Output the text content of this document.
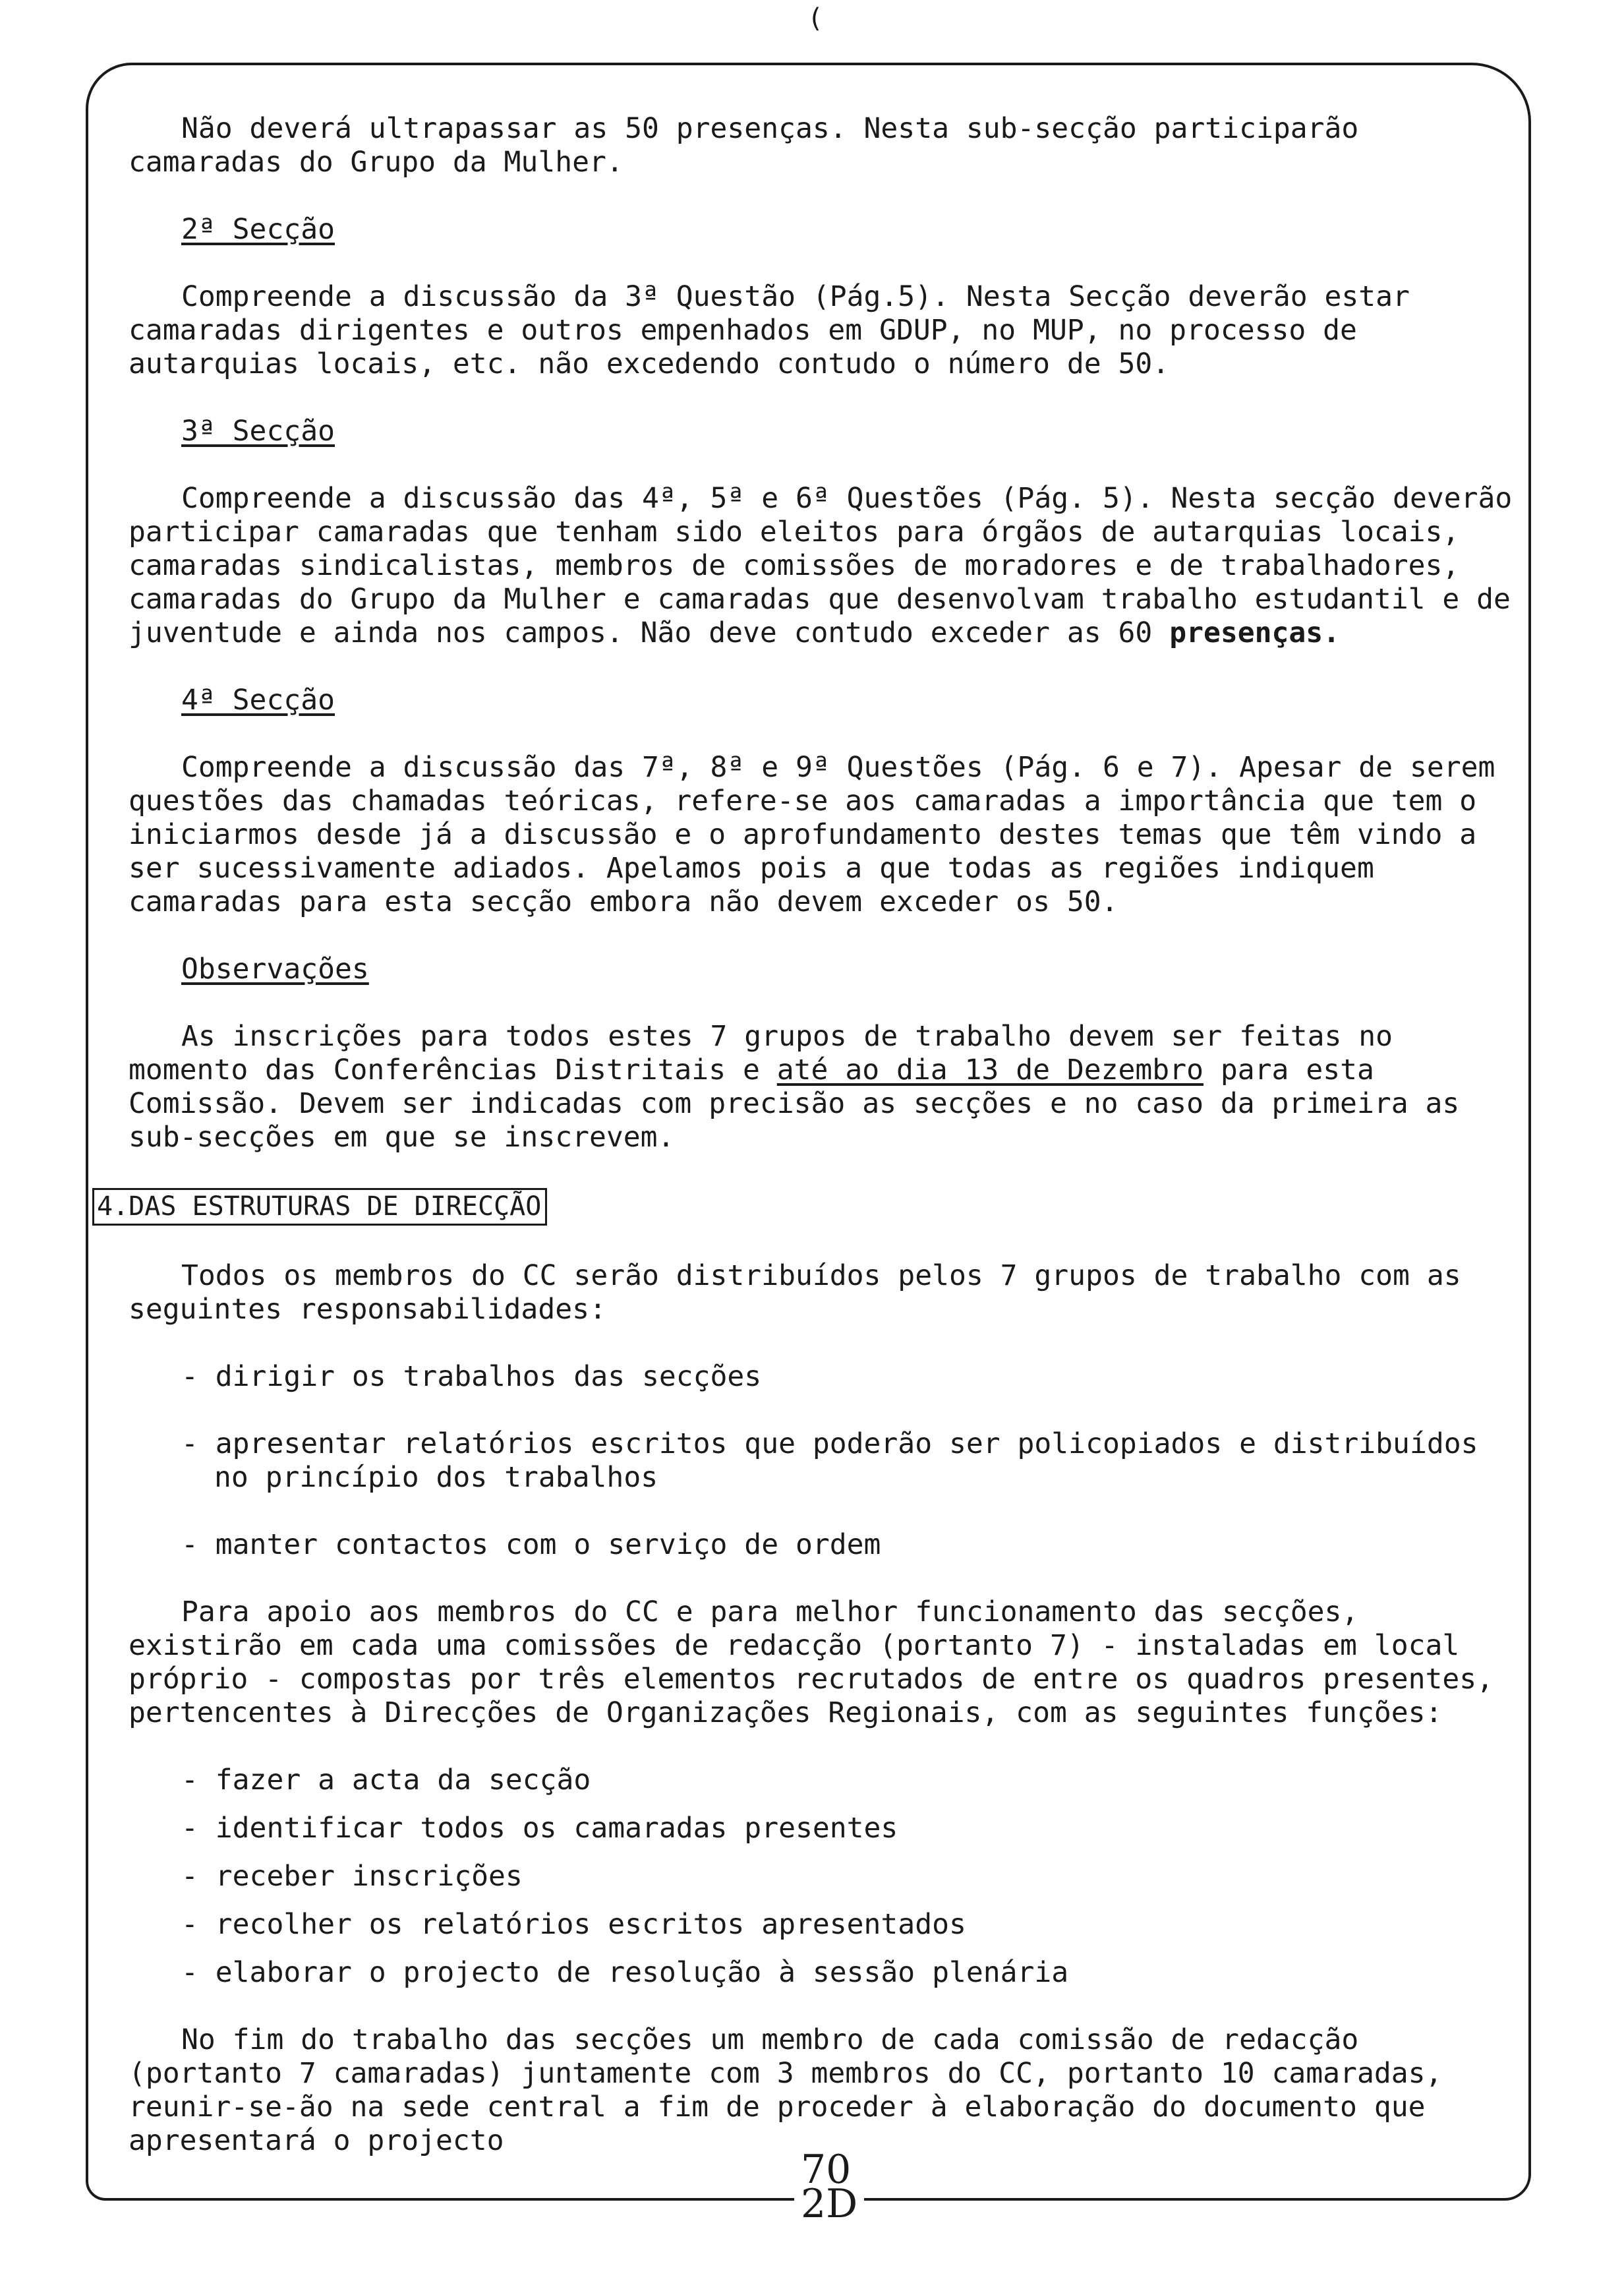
(

Não deverá ultrapassar as 50 presenças. Nesta sub-secção participarão camaradas do Grupo da Mulher.

2ª Secção

Compreende a discussão da 3ª Questão (Pág.5). Nesta Secção deverão estar camaradas dirigentes e outros empenhados em GDUP, no MUP, no processo de autarquias locais, etc. não excedendo contudo o número de 50.

3ª Secção

Compreende a discussão das 4ª, 5ª e 6ª Questões (Pág. 5). Nesta secção deverão participar camaradas que tenham sido eleitos para órgãos de autarquias locais, camaradas sindicalistas, membros de comissões de moradores e de trabalhadores, camaradas do Grupo da Mulher e camaradas que desenvolvam trabalho estudantil e de juventude e ainda nos campos. Não deve contudo exceder as 60 presenças.

4ª Secção

Compreende a discussão das 7ª, 8ª e 9ª Questões (Pág. 6 e 7). Apesar de serem questões das chamadas teóricas, refere-se aos camaradas a importância que tem o iniciarmos desde já a discussão e o aprofundamento destes temas que têm vindo a ser sucessivamente adiados. Apelamos pois a que todas as regiões indiquem camaradas para esta secção embora não devem exceder os 50.

Observações

As inscrições para todos estes 7 grupos de trabalho devem ser feitas no momento das Conferências Distritais e até ao dia 13 de Dezembro para esta Comissão. Devem ser indicadas com precisão as secções e no caso da primeira as sub-secções em que se inscrevem.

4.DAS ESTRUTURAS DE DIRECÇÃO

Todos os membros do CC serão distribuídos pelos 7 grupos de trabalho com as seguintes responsabilidades:

- dirigir os trabalhos das secções
- apresentar relatórios escritos que poderão ser policopiados e distribuídos no princípio dos trabalhos
- manter contactos com o serviço de ordem

Para apoio aos membros do CC e para melhor funcionamento das secções, existirão em cada uma comissões de redacção (portanto 7) - instaladas em local próprio - compostas por três elementos recrutados de entre os quadros presentes, pertencentes à Direcções de Organizações Regionais, com as seguintes funções:

- fazer a acta da secção
- identificar todos os camaradas presentes
- receber inscrições
- recolher os relatórios escritos apresentados
- elaborar o projecto de resolução à sessão plenária

No fim do trabalho das secções um membro de cada comissão de redacção (portanto 7 camaradas) juntamente com 3 membros do CC, portanto 10 camaradas, reunir-se-ão na sede central a fim de proceder à elaboração do documento que apresentará o projecto

70
2D
